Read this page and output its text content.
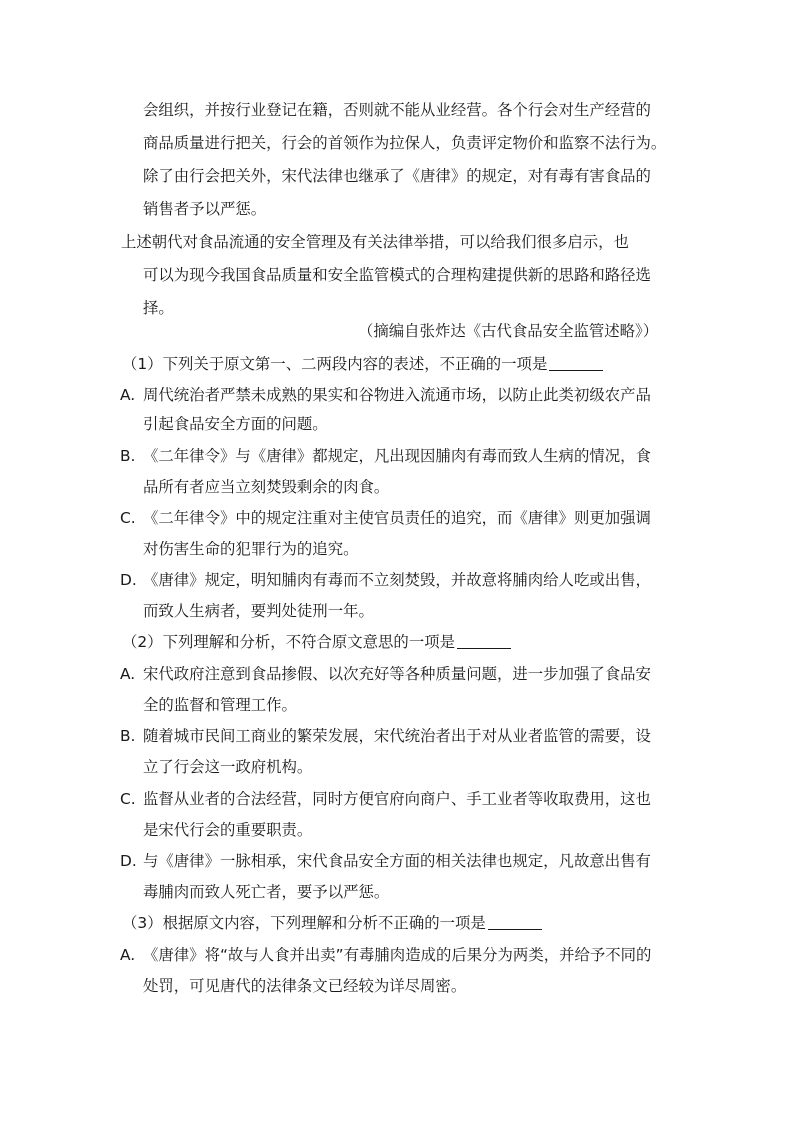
会组织，并按行业登记在籍，否则就不能从业经营。各个行会对生产经营的
商品质量进行把关，行会的首领作为拉保人，负责评定物价和监察不法行为。
除了由行会把关外，宋代法律也继承了《唐律》的规定，对有毒有害食品的
销售者予以严惩。
上述朝代对食品流通的安全管理及有关法律举措，可以给我们很多启示，也
可以为现今我国食品质量和安全监管模式的合理构建提供新的思路和路径选
择。
（摘编自张炸达《古代食品安全监管述略》）
（1）下列关于原文第一、二两段内容的表述，不正确的一项是
A. 周代统治者严禁未成熟的果实和谷物进入流通市场，以防止此类初级农产品
引起食品安全方面的问题。
B. 《二年律令》与《唐律》都规定，凡出现因脯肉有毒而致人生病的情况，食
品所有者应当立刻焚毁剩余的肉食。
C. 《二年律令》中的规定注重对主使官员责任的追究，而《唐律》则更加强调
对伤害生命的犯罪行为的追究。
D. 《唐律》规定，明知脯肉有毒而不立刻焚毁，并故意将脯肉给人吃或出售，
而致人生病者，要判处徒刑一年。
（2）下列理解和分析，不符合原文意思的一项是
A. 宋代政府注意到食品掺假、以次充好等各种质量问题，进一步加强了食品安
全的监督和管理工作。
B. 随着城市民间工商业的繁荣发展，宋代统治者出于对从业者监管的需要，设
立了行会这一政府机构。
C. 监督从业者的合法经营，同时方便官府向商户、手工业者等收取费用，这也
是宋代行会的重要职责。
D. 与《唐律》一脉相承，宋代食品安全方面的相关法律也规定，凡故意出售有
毒脯肉而致人死亡者，要予以严惩。
（3）根据原文内容，下列理解和分析不正确的一项是
A. 《唐律》将“故与人食并出卖”有毒脯肉造成的后果分为两类，并给予不同的
处罚，可见唐代的法律条文已经较为详尽周密。
